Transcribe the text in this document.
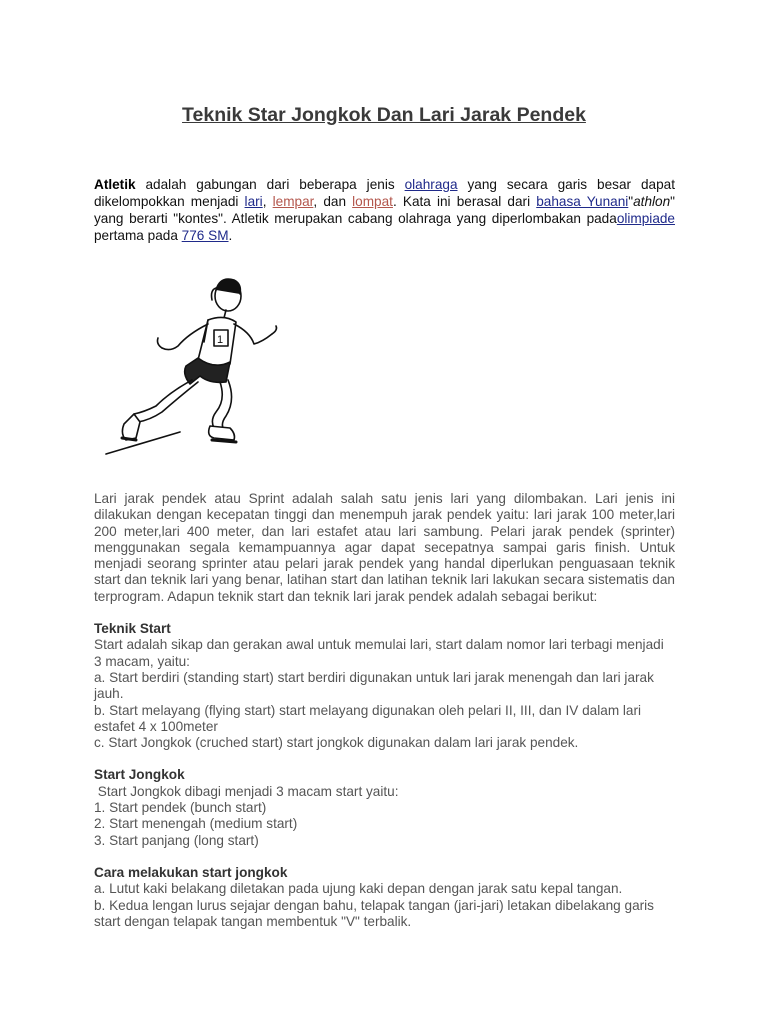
Teknik Star Jongkok Dan Lari Jarak Pendek

Atletik adalah gabungan dari beberapa jenis olahraga yang secara garis besar dapat dikelompokkan menjadi lari, lempar, dan lompat. Kata ini berasal dari bahasa Yunani"athlon" yang berarti "kontes". Atletik merupakan cabang olahraga yang diperlombakan padaolimpiade pertama pada 776 SM.

1

Lari jarak pendek atau Sprint adalah salah satu jenis lari yang dilombakan. Lari jenis ini dilakukan dengan kecepatan tinggi dan menempuh jarak pendek yaitu: lari jarak 100 meter,lari 200 meter,lari 400 meter, dan lari estafet atau lari sambung. Pelari jarak pendek (sprinter) menggunakan segala kemampuannya agar dapat secepatnya sampai garis finish. Untuk menjadi seorang sprinter atau pelari jarak pendek yang handal diperlukan penguasaan teknik start dan teknik lari yang benar, latihan start dan latihan teknik lari lakukan secara sistematis dan terprogram. Adapun teknik start dan teknik lari jarak pendek adalah sebagai berikut:

Teknik Start

Start adalah sikap dan gerakan awal untuk memulai lari, start dalam nomor lari terbagi menjadi 3 macam, yaitu:

a. Start berdiri (standing start) start berdiri digunakan untuk lari jarak menengah dan lari jarak jauh.

b. Start melayang (flying start) start melayang digunakan oleh pelari II, III, dan IV dalam lari estafet 4 x 100meter

c. Start Jongkok (cruched start) start jongkok digunakan dalam lari jarak pendek.

Start Jongkok

Start Jongkok dibagi menjadi 3 macam start yaitu:

1. Start pendek (bunch start)

2. Start menengah (medium start)

3. Start panjang (long start)

Cara melakukan start jongkok

a. Lutut kaki belakang diletakan pada ujung kaki depan dengan jarak satu kepal tangan.

b. Kedua lengan lurus sejajar dengan bahu, telapak tangan (jari-jari) letakan dibelakang garis start dengan telapak tangan membentuk "V" terbalik.
